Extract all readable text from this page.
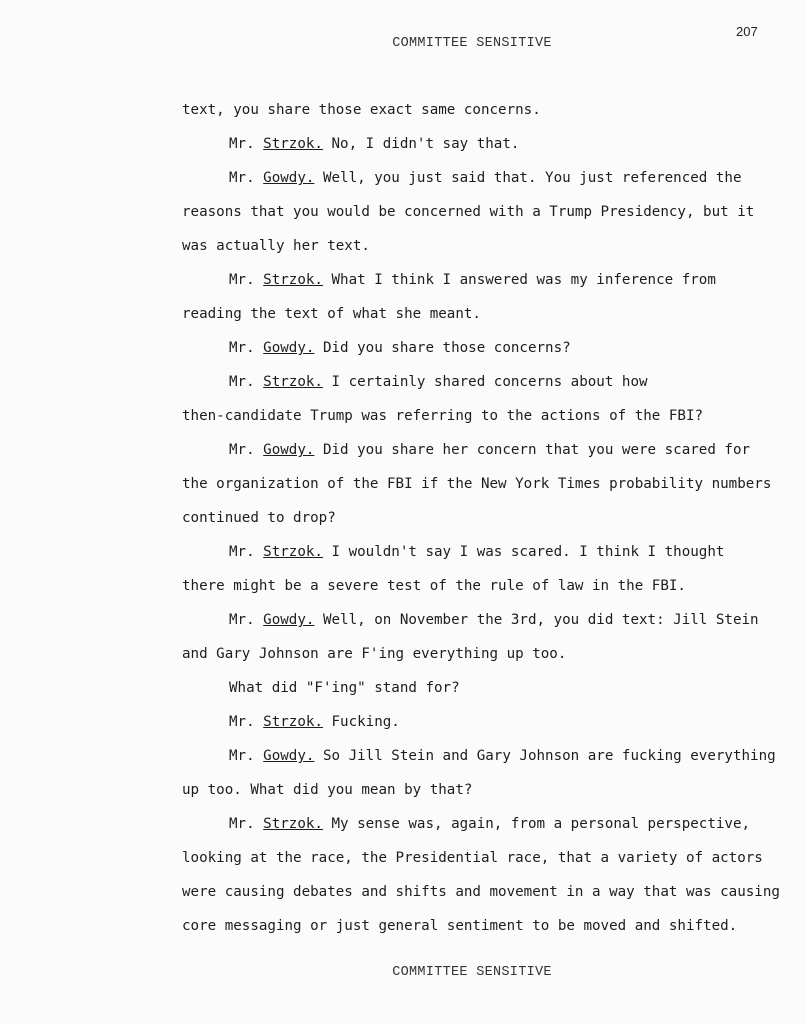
207
COMMITTEE SENSITIVE
text, you share those exact same concerns.
Mr. Strzok. No, I didn't say that.
Mr. Gowdy. Well, you just said that. You just referenced the
reasons that you would be concerned with a Trump Presidency, but it
was actually her text.
Mr. Strzok. What I think I answered was my inference from
reading the text of what she meant.
Mr. Gowdy. Did you share those concerns?
Mr. Strzok. I certainly shared concerns about how
then-candidate Trump was referring to the actions of the FBI?
Mr. Gowdy. Did you share her concern that you were scared for
the organization of the FBI if the New York Times probability numbers
continued to drop?
Mr. Strzok. I wouldn't say I was scared. I think I thought
there might be a severe test of the rule of law in the FBI.
Mr. Gowdy. Well, on November the 3rd, you did text: Jill Stein
and Gary Johnson are F'ing everything up too.
What did "F'ing" stand for?
Mr. Strzok. Fucking.
Mr. Gowdy. So Jill Stein and Gary Johnson are fucking everything
up too. What did you mean by that?
Mr. Strzok. My sense was, again, from a personal perspective,
looking at the race, the Presidential race, that a variety of actors
were causing debates and shifts and movement in a way that was causing
core messaging or just general sentiment to be moved and shifted.
COMMITTEE SENSITIVE
